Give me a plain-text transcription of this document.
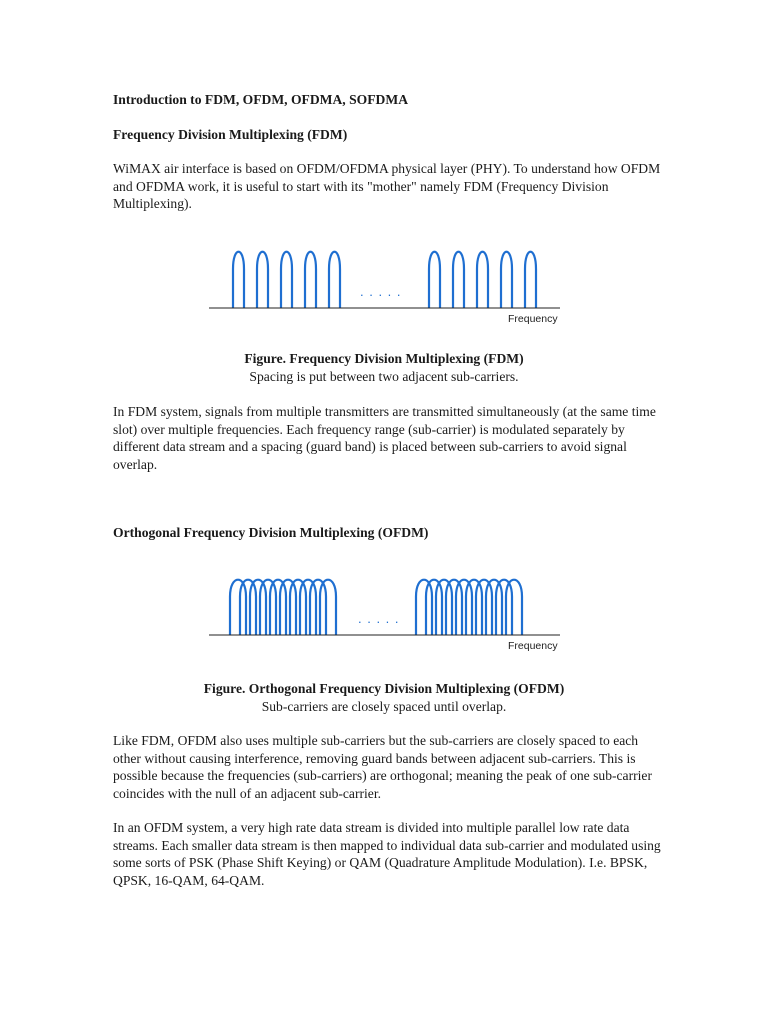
Introduction to FDM, OFDM, OFDMA, SOFDMA

Frequency Division Multiplexing (FDM)

WiMAX air interface is based on OFDM/OFDMA physical layer (PHY). To understand how OFDM and OFDMA work, it is useful to start with its "mother" namely FDM (Frequency Division Multiplexing).

. . . . .
Frequency
Figure. Frequency Division Multiplexing (FDM)
Spacing is put between two adjacent sub-carriers.

In FDM system, signals from multiple transmitters are transmitted simultaneously (at the same time slot) over multiple frequencies. Each frequency range (sub-carrier) is modulated separately by different data stream and a spacing (guard band) is placed between sub-carriers to avoid signal overlap.

Orthogonal Frequency Division Multiplexing (OFDM)

. . . . .
Frequency
Figure. Orthogonal Frequency Division Multiplexing (OFDM)
Sub-carriers are closely spaced until overlap.

Like FDM, OFDM also uses multiple sub-carriers but the sub-carriers are closely spaced to each other without causing interference, removing guard bands between adjacent sub-carriers. This is possible because the frequencies (sub-carriers) are orthogonal; meaning the peak of one sub-carrier coincides with the null of an adjacent sub-carrier.

In an OFDM system, a very high rate data stream is divided into multiple parallel low rate data streams. Each smaller data stream is then mapped to individual data sub-carrier and modulated using some sorts of PSK (Phase Shift Keying) or QAM (Quadrature Amplitude Modulation). I.e. BPSK, QPSK, 16-QAM, 64-QAM.
